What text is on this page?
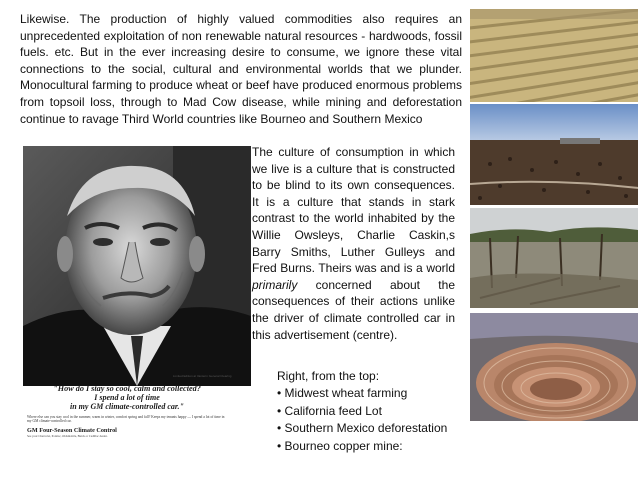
Likewise. The production of highly valued commodities also requires an unprecedented exploitation of non renewable natural resources - hardwoods, fossil fuels. etc. But in the ever increasing desire to consume, we ignore these vital connections to the social, cultural and environmental worlds that we plunder. Monocultural farming to produce wheat or beef have produced enormous problems from topsoil loss, through to Mad Cow disease, while mining and deforestation continue to ravage Third World countries like Bourneo and Southern Mexico

Limited Edition at Vanterm General Clearing
"How do I stay so cool, calm and collected?
I spend a lot of time
in my GM climate-controlled car."
Where else can you stay cool in the summer, warm in winter, comfort spring and fall? Keeps my tenants happy — I spend a lot of time in my GM climate-controlled car.
GM Four-Season Climate Control
See your Chevrolet, Pontiac, Oldsmobile, Buick or Cadillac dealer.

The culture of consumption in which we live is a culture that is constructed to be blind to its own consequences. It is a culture that stands in stark contrast to the world inhabited by the Willie Owsleys, Charlie Caskin,s Barry Smiths, Luther Gulleys and Fred Burns. Theirs was and is a world primarily concerned about the consequences of their actions unlike the driver of climate controlled car in this advertisement (centre).

Right, from the top:
• Midwest wheat farming
• California feed Lot
• Southern Mexico deforestation
• Bourneo copper mine:
